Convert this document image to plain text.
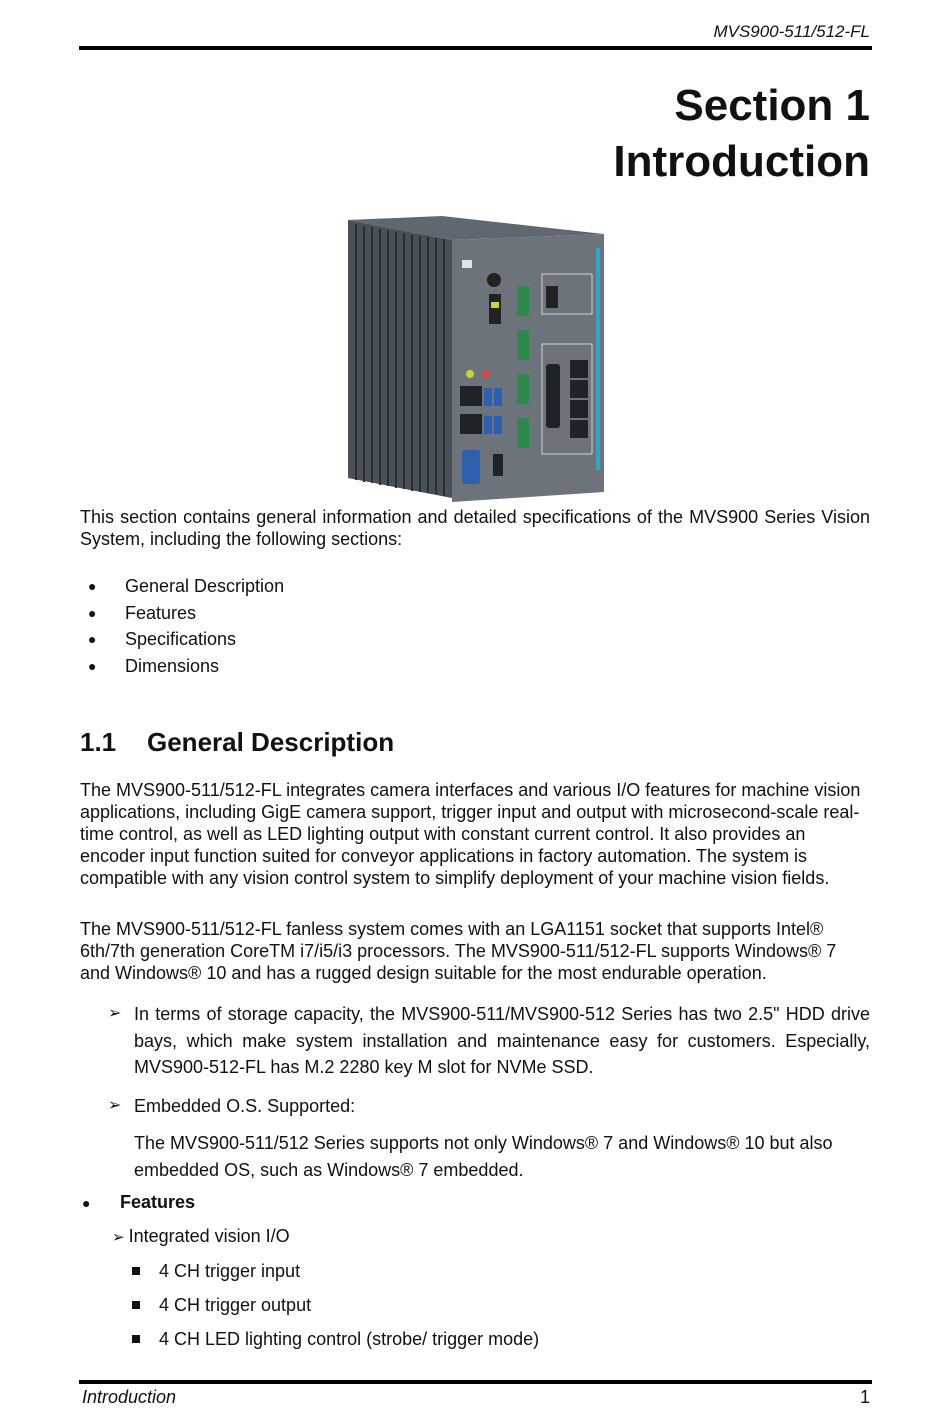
MVS900-511/512-FL
Section 1
Introduction
This section contains general information and detailed specifications of the MVS900 Series Vision System, including the following sections:
● General Description
● Features
● Specifications
● Dimensions
1.1 General Description
The MVS900-511/512-FL integrates camera interfaces and various I/O features for machine vision applications, including GigE camera support, trigger input and output with microsecond-scale real-time control, as well as LED lighting output with constant current control. It also provides an encoder input function suited for conveyor applications in factory automation. The system is compatible with any vision control system to simplify deployment of your machine vision fields.
The MVS900-511/512-FL fanless system comes with an LGA1151 socket that supports Intel® 6th/7th generation CoreTM i7/i5/i3 processors. The MVS900-511/512-FL supports Windows® 7 and Windows® 10 and has a rugged design suitable for the most endurable operation.
➢ In terms of storage capacity, the MVS900-511/MVS900-512 Series has two 2.5" HDD drive bays, which make system installation and maintenance easy for customers. Especially, MVS900-512-FL has M.2 2280 key M slot for NVMe SSD.
➢ Embedded O.S. Supported:
The MVS900-511/512 Series supports not only Windows® 7 and Windows® 10 but also embedded OS, such as Windows® 7 embedded.
● Features
➢ Integrated vision I/O
4 CH trigger input
4 CH trigger output
4 CH LED lighting control (strobe/ trigger mode)
Introduction	1
